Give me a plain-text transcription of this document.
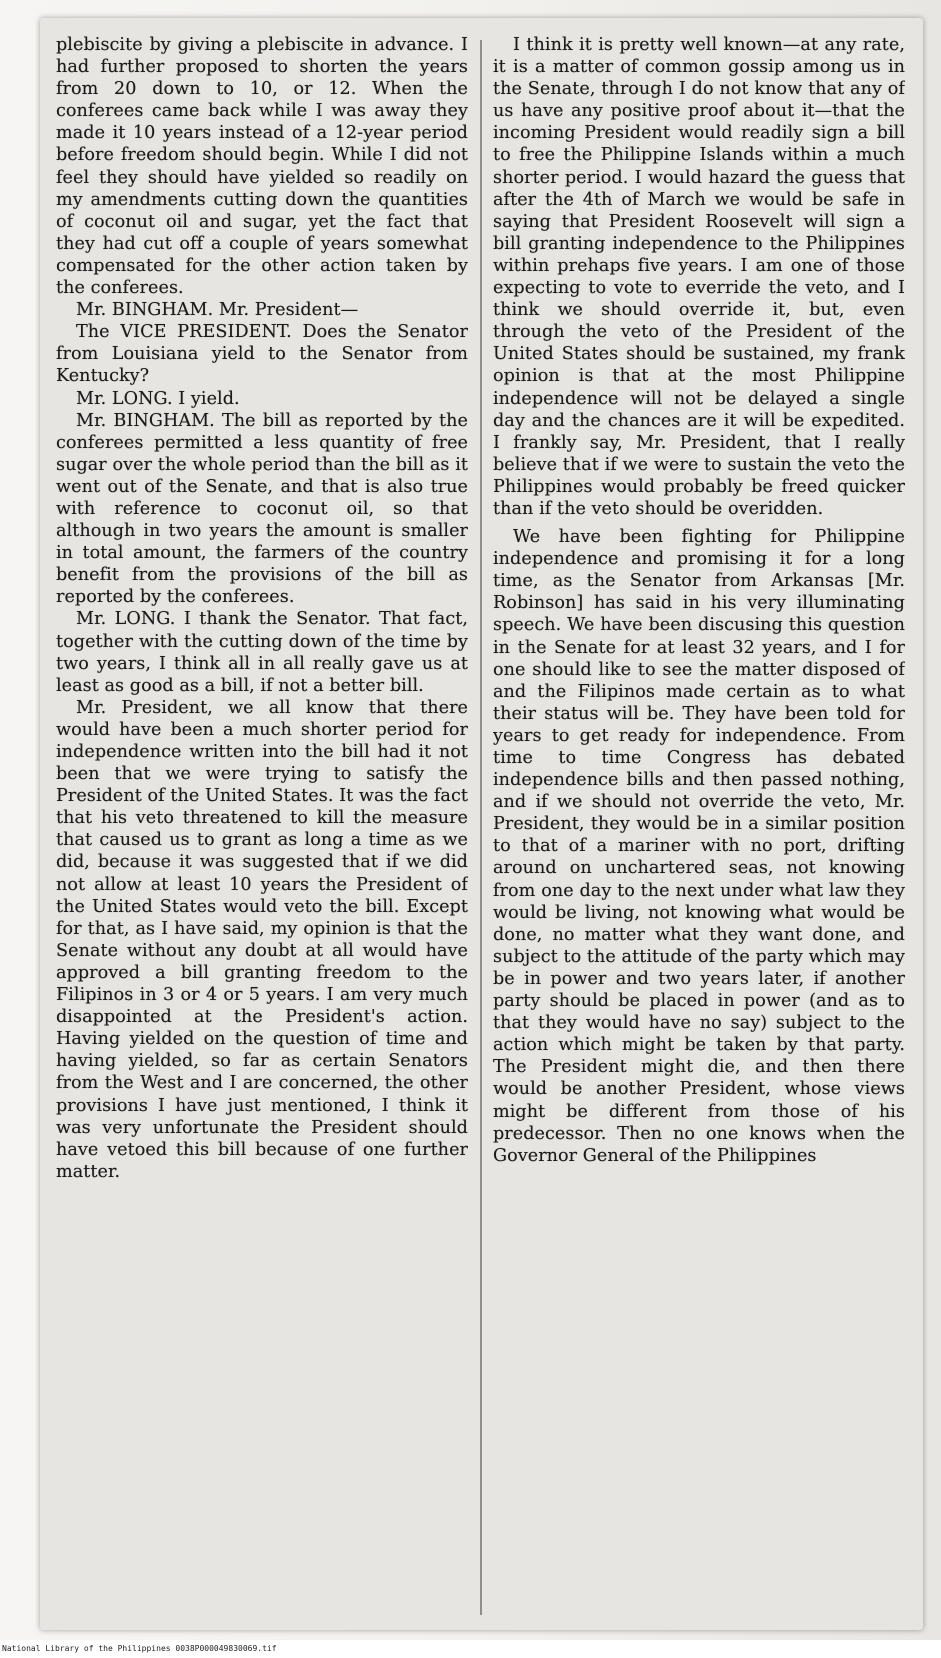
plebiscite by giving a plebiscite in advance. I had further proposed to shorten the years from 20 down to 10, or 12. When the conferees came back while I was away they made it 10 years instead of a 12-year period before freedom should begin. While I did not feel they should have yielded so readily on my amendments cutting down the quantities of coconut oil and sugar, yet the fact that they had cut off a couple of years somewhat compensated for the other action taken by the conferees.

Mr. BINGHAM. Mr. President—

The VICE PRESIDENT. Does the Senator from Louisiana yield to the Senator from Kentucky?

Mr. LONG. I yield.

Mr. BINGHAM. The bill as reported by the conferees permitted a less quantity of free sugar over the whole period than the bill as it went out of the Senate, and that is also true with reference to coconut oil, so that although in two years the amount is smaller in total amount, the farmers of the country benefit from the provisions of the bill as reported by the conferees.

Mr. LONG. I thank the Senator. That fact, together with the cutting down of the time by two years, I think all in all really gave us at least as good as a bill, if not a better bill.

Mr. President, we all know that there would have been a much shorter period for independence written into the bill had it not been that we were trying to satisfy the President of the United States. It was the fact that his veto threatened to kill the measure that caused us to grant as long a time as we did, because it was suggested that if we did not allow at least 10 years the President of the United States would veto the bill. Except for that, as I have said, my opinion is that the Senate without any doubt at all would have approved a bill granting freedom to the Filipinos in 3 or 4 or 5 years. I am very much disappointed at the President's action. Having yielded on the question of time and having yielded, so far as certain Senators from the West and I are concerned, the other provisions I have just mentioned, I think it was very unfortunate the President should have vetoed this bill because of one further matter.

I think it is pretty well known—at any rate, it is a matter of common gossip among us in the Senate, through I do not know that any of us have any positive proof about it—that the incoming President would readily sign a bill to free the Philippine Islands within a much shorter period. I would hazard the guess that after the 4th of March we would be safe in saying that President Roosevelt will sign a bill granting independence to the Philippines within prehaps five years. I am one of those expecting to vote to everride the veto, and I think we should override it, but, even through the veto of the President of the United States should be sustained, my frank opinion is that at the most Philippine independence will not be delayed a single day and the chances are it will be expedited. I frankly say, Mr. President, that I really believe that if we were to sustain the veto the Philippines would probably be freed quicker than if the veto should be overidden.

We have been fighting for Philippine independence and promising it for a long time, as the Senator from Arkansas [Mr. Robinson] has said in his very illuminating speech. We have been discusing this question in the Senate for at least 32 years, and I for one should like to see the matter disposed of and the Filipinos made certain as to what their status will be. They have been told for years to get ready for independence. From time to time Congress has debated independence bills and then passed nothing, and if we should not override the veto, Mr. President, they would be in a similar position to that of a mariner with no port, drifting around on unchartered seas, not knowing from one day to the next under what law they would be living, not knowing what would be done, no matter what they want done, and subject to the attitude of the party which may be in power and two years later, if another party should be placed in power (and as to that they would have no say) subject to the action which might be taken by that party. The President might die, and then there would be another President, whose views might be different from those of his predecessor. Then no one knows when the Governor General of the Philippines

National Library of the Philippines 0038P000049830069.tif
